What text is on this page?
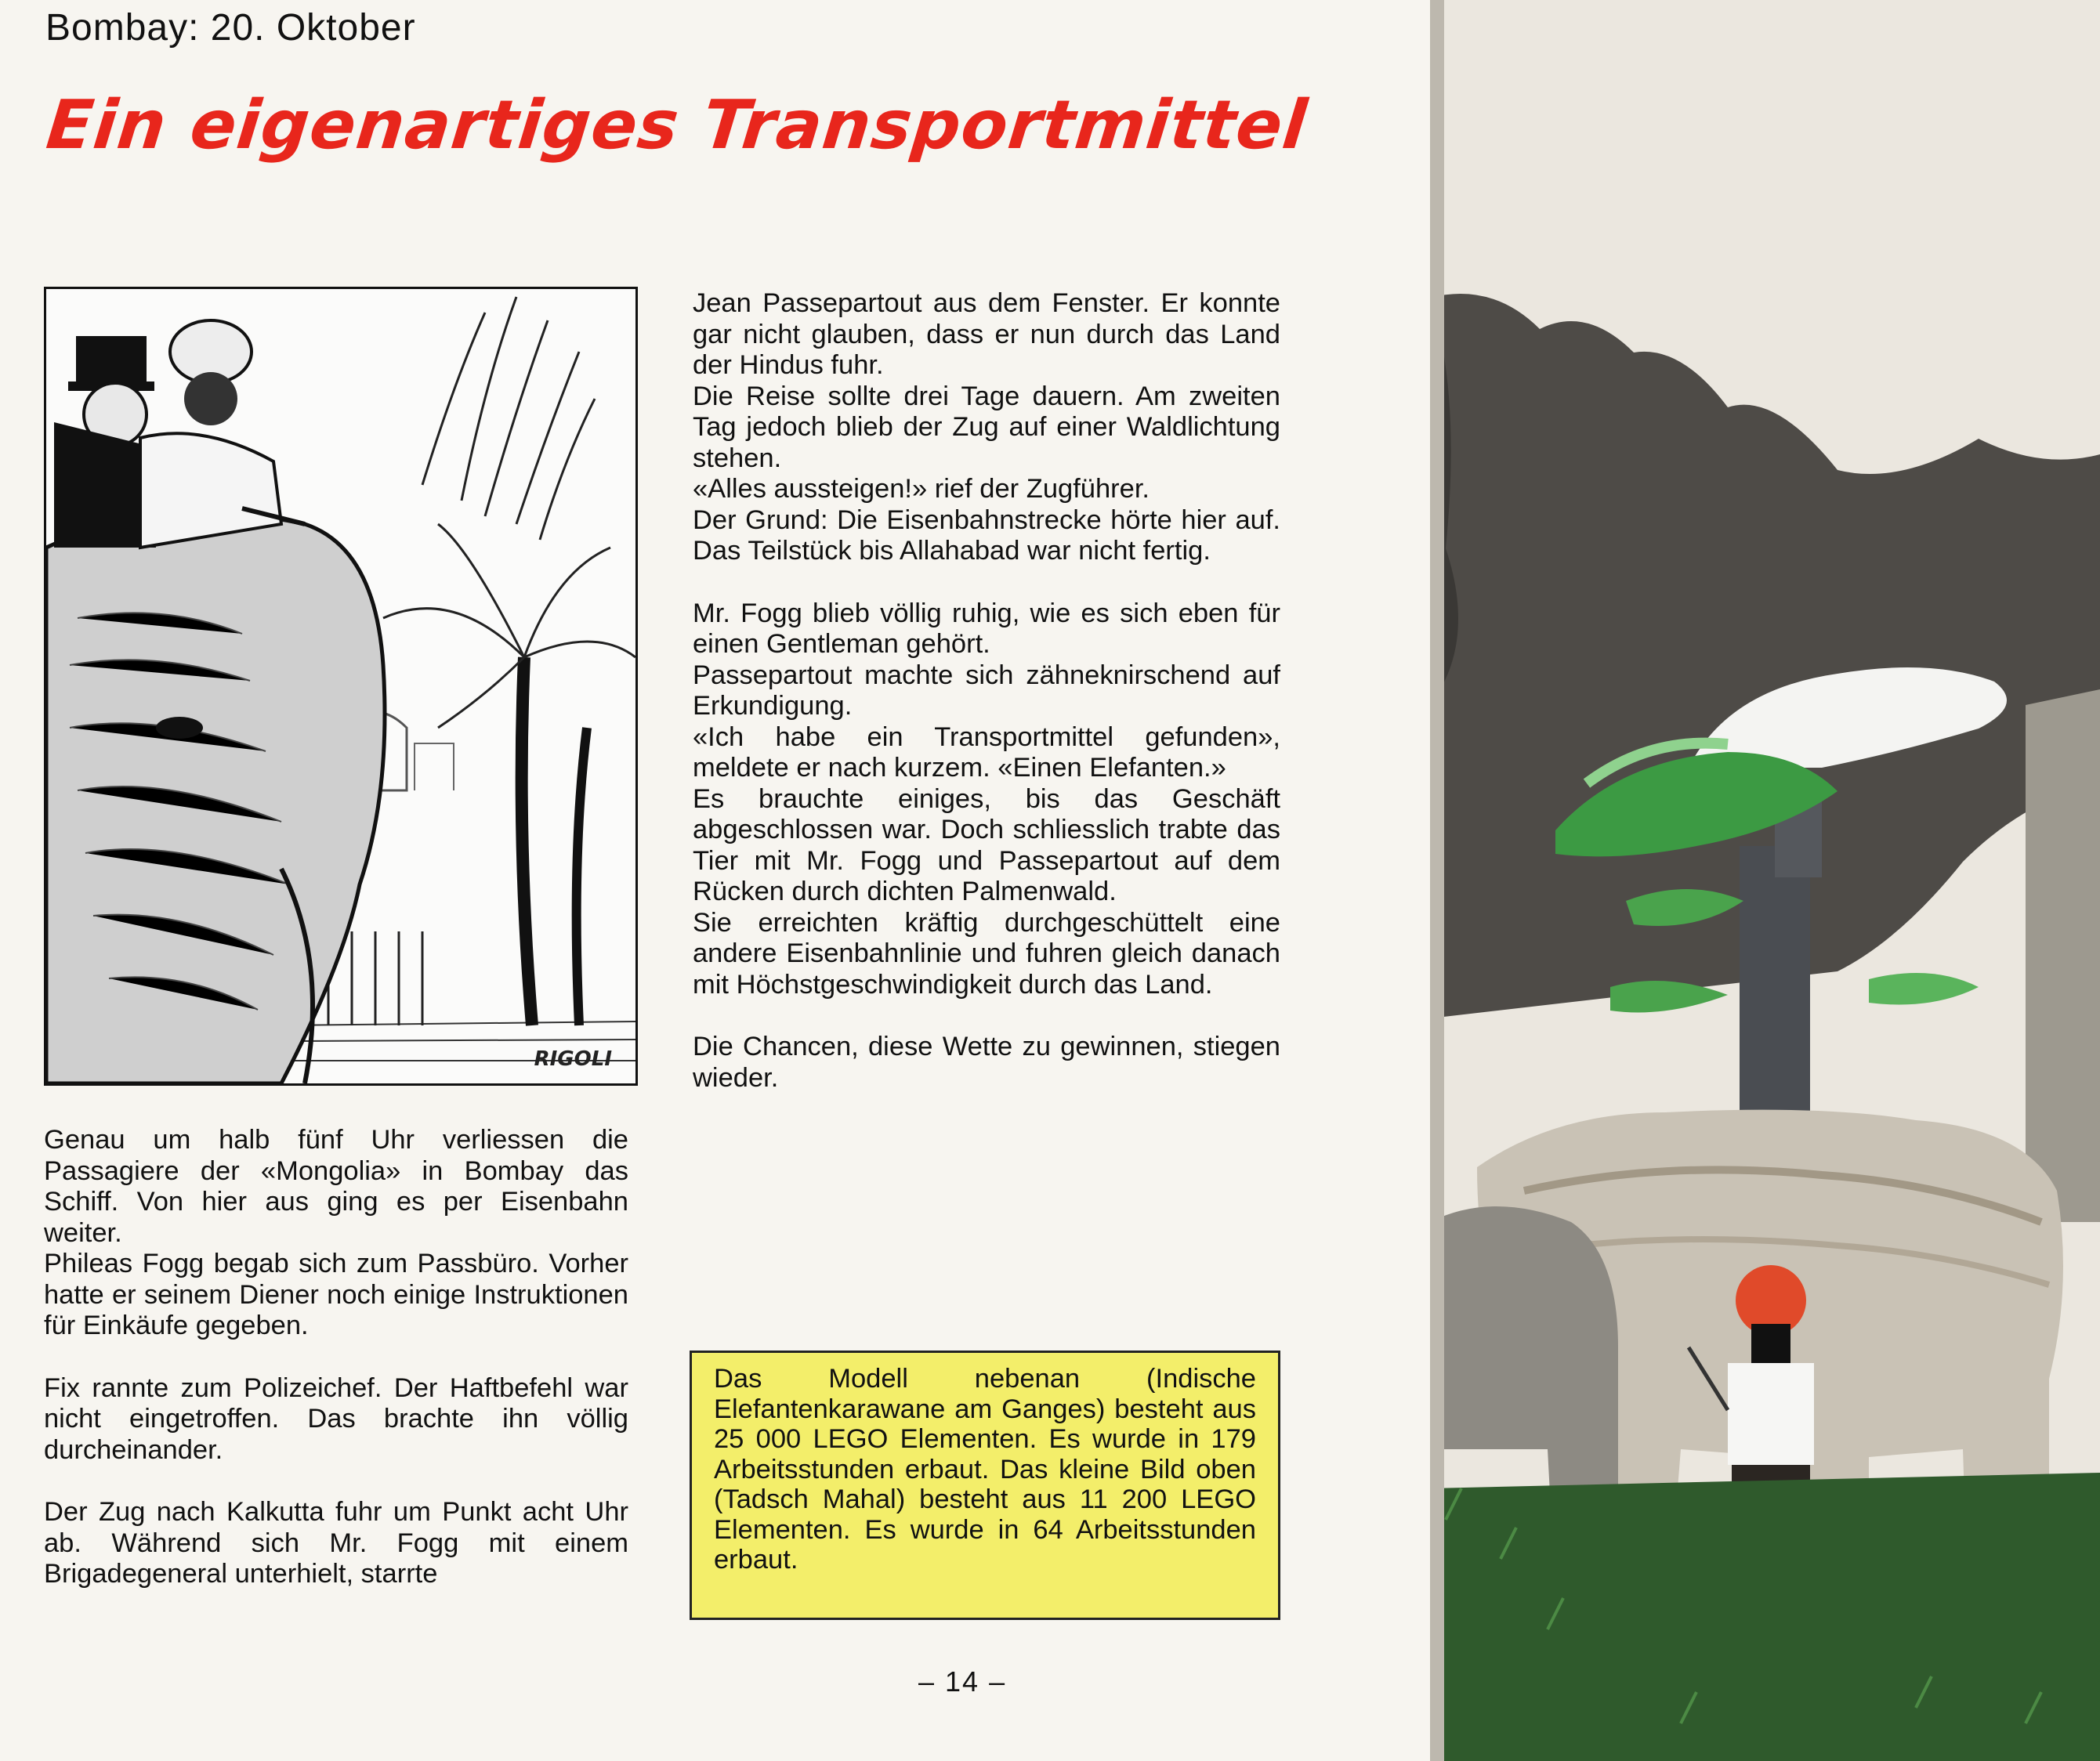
Bombay: 20. Oktober
Ein eigenartiges Transportmittel
RIGOLI

Genau um halb fünf Uhr verliessen die Passagiere der «Mongolia» in Bombay das Schiff. Von hier aus ging es per Eisenbahn weiter.

Phileas Fogg begab sich zum Passbüro. Vorher hatte er seinem Diener noch einige Instruktionen für Einkäufe gegeben.

Fix rannte zum Polizeichef. Der Haftbefehl war nicht eingetroffen. Das brachte ihn völlig durcheinander.

Der Zug nach Kalkutta fuhr um Punkt acht Uhr ab. Während sich Mr. Fogg mit einem Brigadegeneral unterhielt, starrte

Jean Passepartout aus dem Fenster. Er konnte gar nicht glauben, dass er nun durch das Land der Hindus fuhr.

Die Reise sollte drei Tage dauern. Am zweiten Tag jedoch blieb der Zug auf einer Waldlichtung stehen.

«Alles aussteigen!» rief der Zugführer.

Der Grund: Die Eisenbahnstrecke hörte hier auf. Das Teilstück bis Allahabad war nicht fertig.

Mr. Fogg blieb völlig ruhig, wie es sich eben für einen Gentleman gehört.

Passepartout machte sich zähneknirschend auf Erkundigung.

«Ich habe ein Transportmittel gefunden», meldete er nach kurzem. «Einen Elefanten.»

Es brauchte einiges, bis das Geschäft abgeschlossen war. Doch schliesslich trabte das Tier mit Mr. Fogg und Passepartout auf dem Rücken durch dichten Palmenwald.

Sie erreichten kräftig durchgeschüttelt eine andere Eisenbahnlinie und fuhren gleich danach mit Höchstgeschwindigkeit durch das Land.

Die Chancen, diese Wette zu gewinnen, stiegen wieder.

Das Modell nebenan (Indische Elefantenkarawane am Ganges) besteht aus 25 000 LEGO Elementen. Es wurde in 179 Arbeitsstunden erbaut. Das kleine Bild oben (Tadsch Mahal) besteht aus 11 200 LEGO Elementen. Es wurde in 64 Arbeitsstunden erbaut.
– 14 –
